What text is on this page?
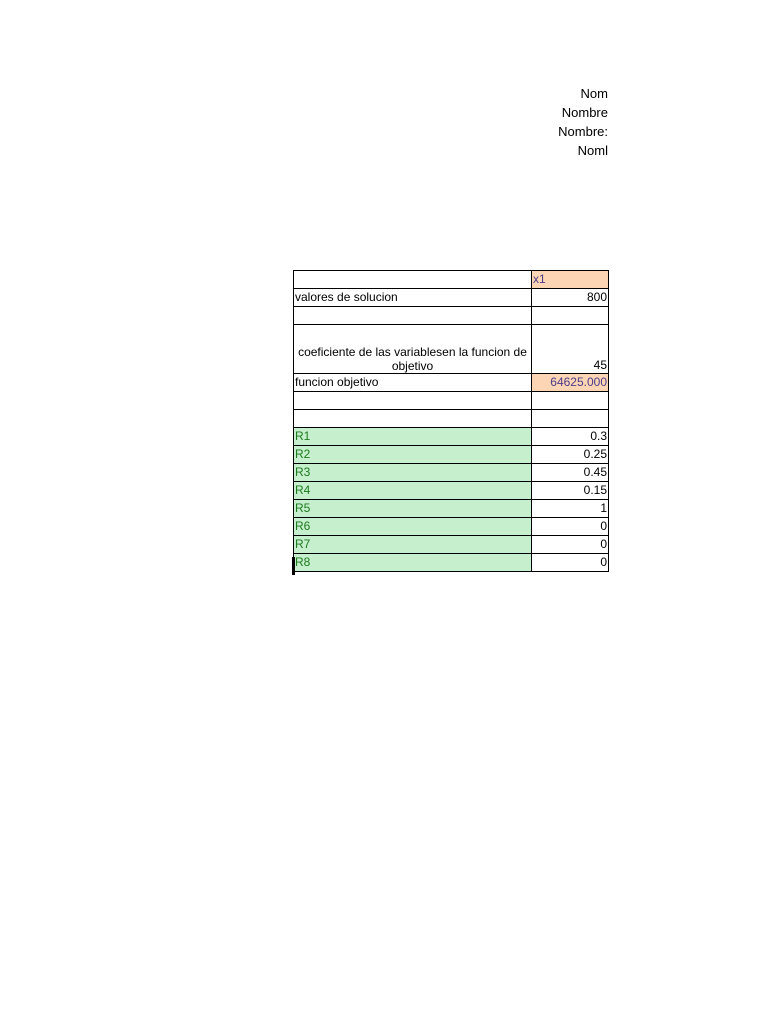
Nom
Nombre
Nombre:
Noml
	x1
valores de solucion	800

coeficiente de las variablesen la funcion de objetivo	45
funcion objetivo	64625.000

R1	0.3
R2	0.25
R3	0.45
R4	0.15
R5	1
R6	0
R7	0
R8	0
